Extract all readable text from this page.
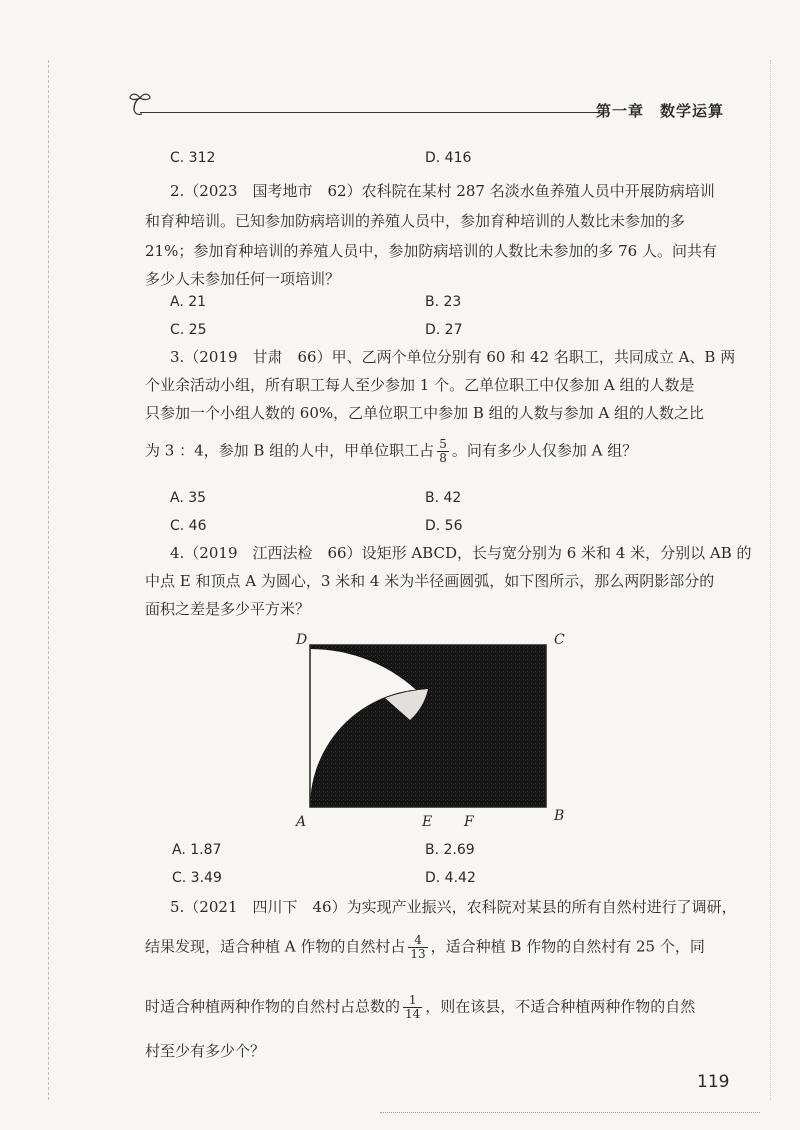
第一章　数学运算
C. 312	D. 416
2.（2023　国考地市　62）农科院在某村 287 名淡水鱼养殖人员中开展防病培训
和育种培训。已知参加防病培训的养殖人员中，参加育种培训的人数比未参加的多
21%；参加育种培训的养殖人员中，参加防病培训的人数比未参加的多 76 人。问共有
多少人未参加任何一项培训？
A. 21	B. 23
C. 25	D. 27
3.（2019　甘肃　66）甲、乙两个单位分别有 60 和 42 名职工，共同成立 A、B 两
个业余活动小组，所有职工每人至少参加 1 个。乙单位职工中仅参加 A 组的人数是
只参加一个小组人数的 60%，乙单位职工中参加 B 组的人数与参加 A 组的人数之比
为 3 ：4，参加 B 组的人中，甲单位职工占 $\frac{5}{8}$ 。问有多少人仅参加 A 组？
A. 35	B. 42
C. 46	D. 56
4.（2019　江西法检　66）设矩形 ABCD，长与宽分别为 6 米和 4 米，分别以 AB 的
中点 E 和顶点 A 为圆心，3 米和 4 米为半径画圆弧，如下图所示，那么两阴影部分的
面积之差是多少平方米？
D	C
A	E F	B
A. 1.87	B. 2.69
C. 3.49	D. 4.42
5.（2021　四川下　46）为实现产业振兴，农科院对某县的所有自然村进行了调研，
结果发现，适合种植 A 作物的自然村占 $\frac{4}{13}$ ，适合种植 B 作物的自然村有 25 个，同
时适合种植两种作物的自然村占总数的 $\frac{1}{14}$ ，则在该县，不适合种植两种作物的自然
村至少有多少个？
119
